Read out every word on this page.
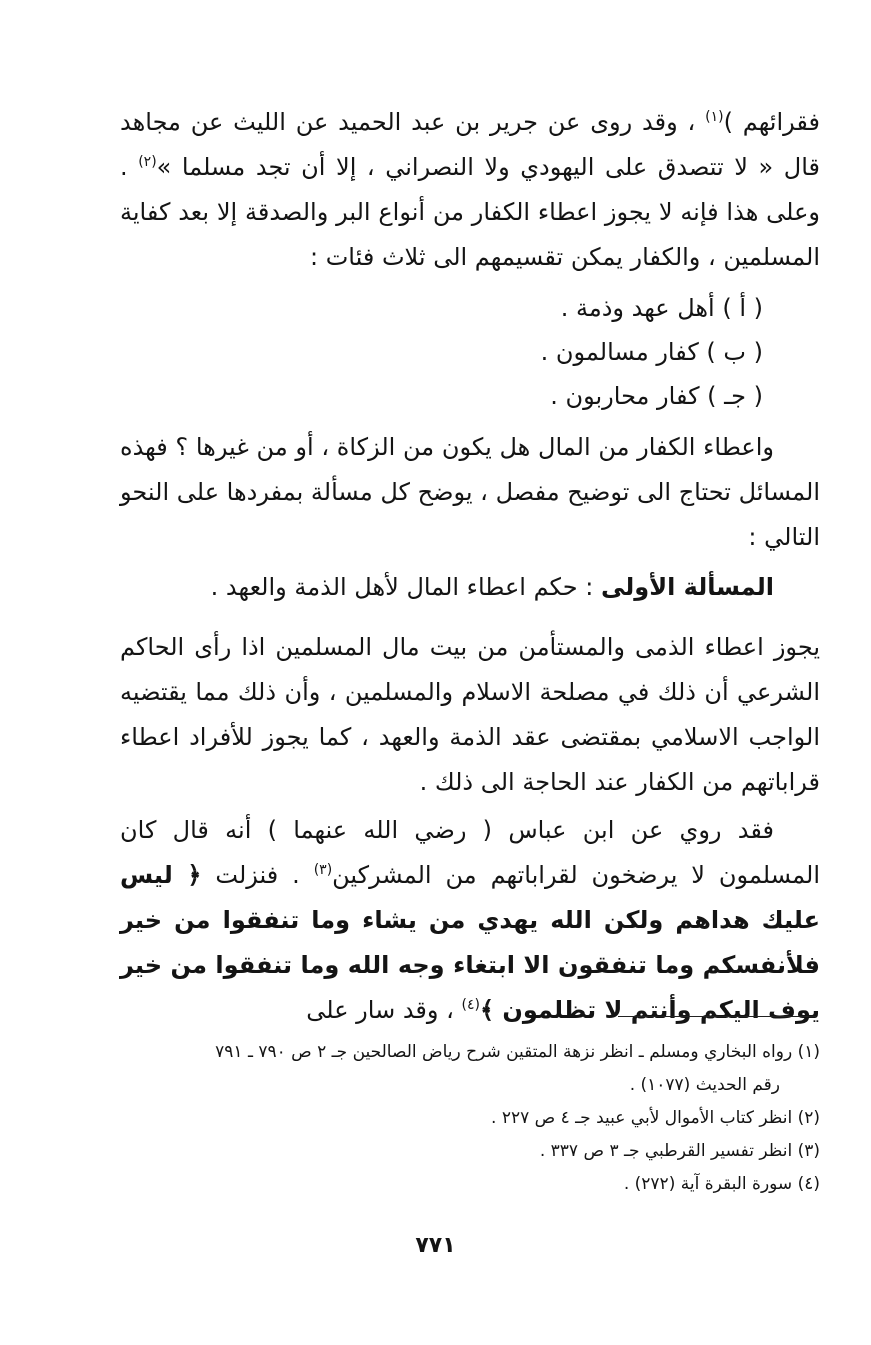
فقرائهم )$^{(١)}$ ، وقد روى عن جرير بن عبد الحميد عن الليث عن مجاهد قال « لا تتصدق على اليهودي ولا النصراني ، إلا أن تجد مسلما »$^{(٢)}$ . وعلى هذا فإنه لا يجوز اعطاء الكفار من أنواع البر والصدقة إلا بعد كفاية المسلمين ، والكفار يمكن تقسيمهم الى ثلاث فئات :
( أ ) أهل عهد وذمة .
( ب ) كفار مسالمون .
( جـ ) كفار محاربون .
واعطاء الكفار من المال هل يكون من الزكاة ، أو من غيرها ؟ فهذه المسائل تحتاج الى توضيح مفصل ، يوضح كل مسألة بمفردها على النحو التالي :
المسألة الأولى : حكم اعطاء المال لأهل الذمة والعهد .
يجوز اعطاء الذمى والمستأمن من بيت مال المسلمين اذا رأى الحاكم الشرعي أن ذلك في مصلحة الاسلام والمسلمين ، وأن ذلك مما يقتضيه الواجب الاسلامي بمقتضى عقد الذمة والعهد ، كما يجوز للأفراد اعطاء قراباتهم من الكفار عند الحاجة الى ذلك .
فقد روي عن ابن عباس ( رضي الله عنهما ) أنه قال كان المسلمون لا يرضخون لقراباتهم من المشركين$^{(٣)}$ . فنزلت ﴿ ليس عليك هداهم ولكن الله يهدي من يشاء وما تنفقوا من خير فلأنفسكم وما تنفقون الا ابتغاء وجه الله وما تنفقوا من خير يوف اليكم وأنتم لا تظلمون ﴾$^{(٤)}$ ، وقد سار على

(١) رواه البخاري ومسلم ـ انظر نزهة المتقين شرح رياض الصالحين جـ ٢ ص ٧٩٠ ـ ٧٩١

رقم الحديث (١٠٧٧) .

(٢) انظر كتاب الأموال لأبي عبيد جـ ٤ ص ٢٢٧ .

(٣) انظر تفسير القرطبي جـ ٣ ص ٣٣٧ .

(٤) سورة البقرة آية (٢٧٢) .

٧٧١
